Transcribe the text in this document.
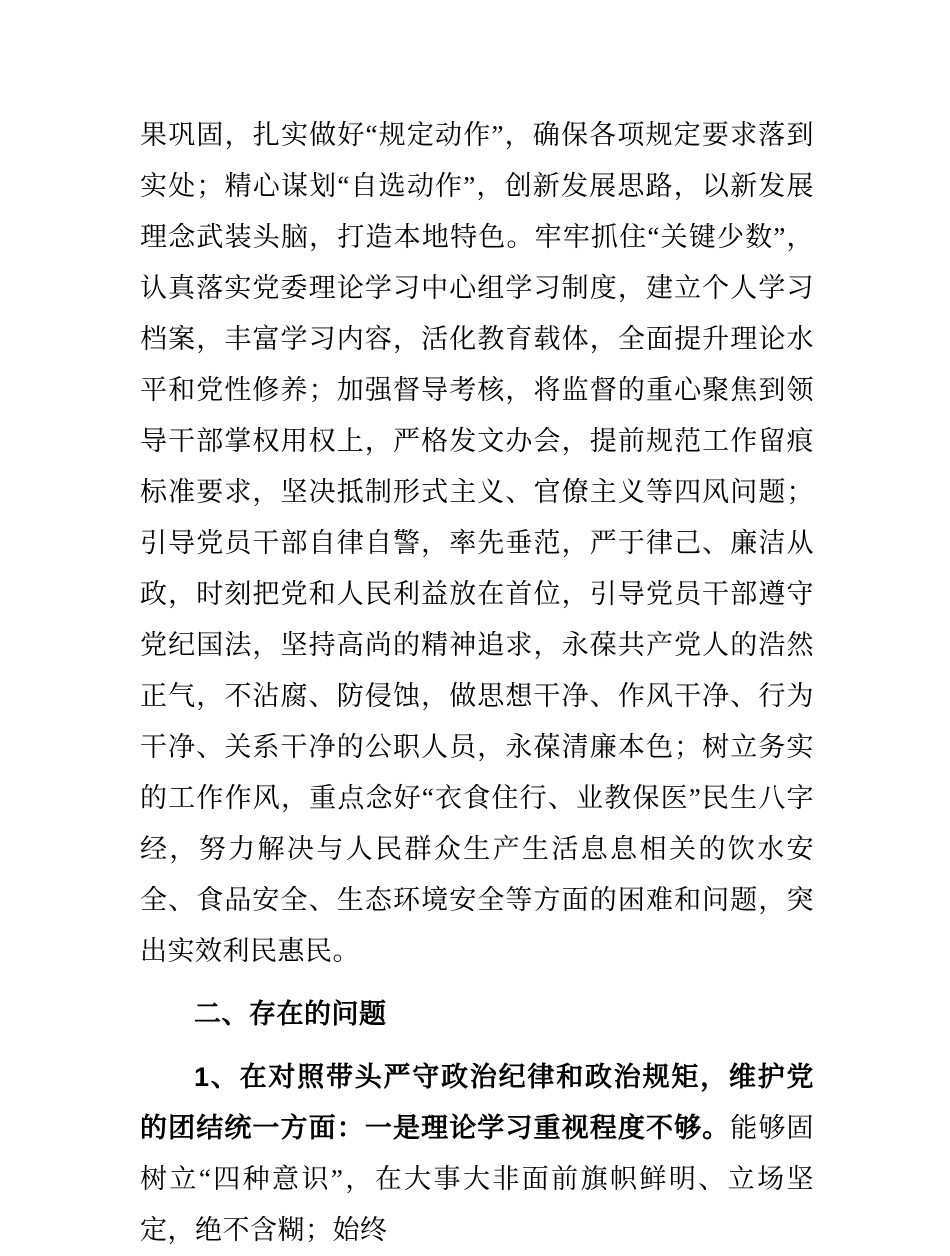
果巩固，扎实做好“规定动作”，确保各项规定要求落到实处；精心谋划“自选动作”，创新发展思路，以新发展理念武装头脑，打造本地特色。牢牢抓住“关键少数”，认真落实党委理论学习中心组学习制度，建立个人学习档案，丰富学习内容，活化教育载体，全面提升理论水平和党性修养；加强督导考核，将监督的重心聚焦到领导干部掌权用权上，严格发文办会，提前规范工作留痕标准要求，坚决抵制形式主义、官僚主义等四风问题；引导党员干部自律自警，率先垂范，严于律己、廉洁从政，时刻把党和人民利益放在首位，引导党员干部遵守党纪国法，坚持高尚的精神追求，永葆共产党人的浩然正气，不沾腐、防侵蚀，做思想干净、作风干净、行为干净、关系干净的公职人员，永葆清廉本色；树立务实的工作作风，重点念好“衣食住行、业教保医”民生八字经，努力解决与人民群众生产生活息息相关的饮水安全、食品安全、生态环境安全等方面的困难和问题，突出实效利民惠民。

二、存在的问题

1、在对照带头严守政治纪律和政治规矩，维护党的团结统一方面：一是理论学习重视程度不够。能够固树立“四种意识”，在大事大非面前旗帜鲜明、立场坚定，绝不含糊；始终
